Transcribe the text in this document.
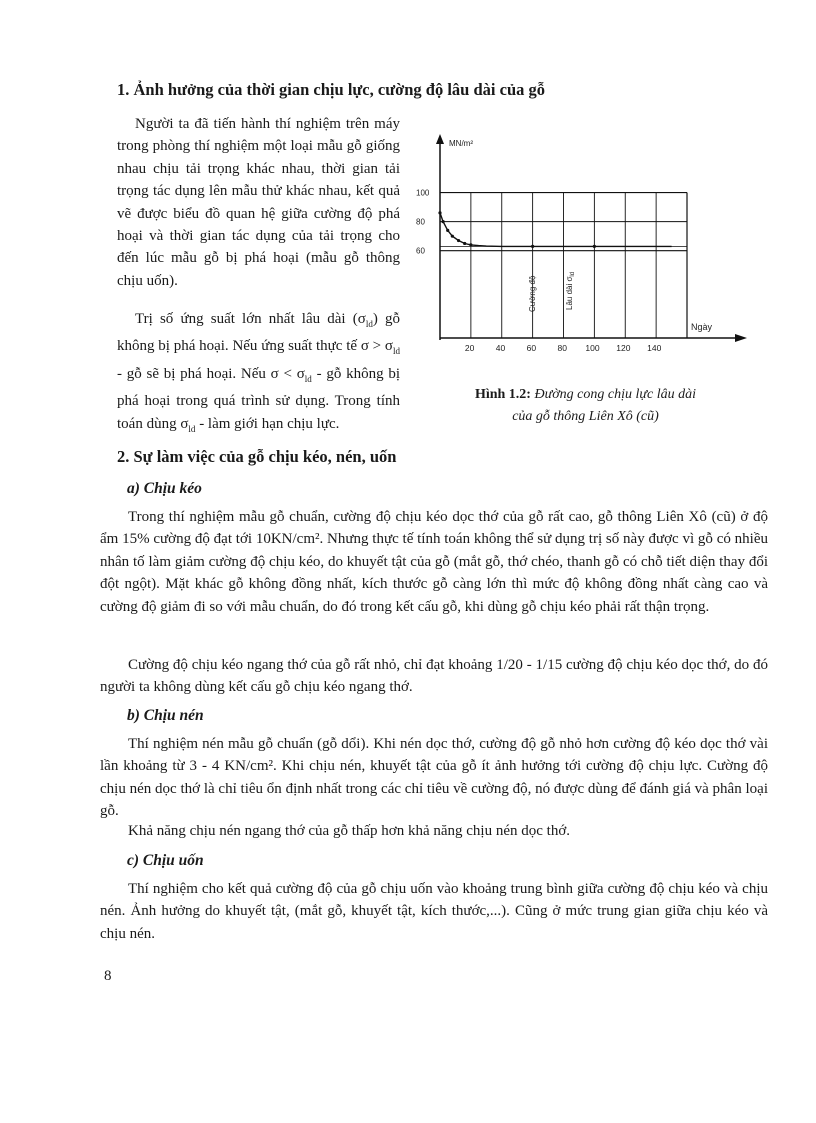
1. Ảnh hưởng của thời gian chịu lực, cường độ lâu dài của gỗ

Người ta đã tiến hành thí nghiệm trên máy trong phòng thí nghiệm một loại mẫu gỗ giống nhau chịu tải trọng khác nhau, thời gian tải trọng tác dụng lên mẫu thử khác nhau, kết quả vẽ được biểu đồ quan hệ giữa cường độ phá hoại và thời gian tác dụng của tải trọng cho đến lúc mẫu gỗ bị phá hoại (mẫu gỗ thông chịu uốn).

Trị số ứng suất lớn nhất lâu dài $(\sigma_{ld})$ gỗ không bị phá hoại. Nếu ứng suất thực tế $\sigma > \sigma_{ld}$ - gỗ sẽ bị phá hoại. Nếu $\sigma < \sigma_{ld}$ - gỗ không bị phá hoại trong quá trình sử dụng. Trong tính toán dùng $\sigma_{ld}$ - làm giới hạn chịu lực.

MN/m²
Ngày
20	40	60	80 100 120 140
100
80
60
Cường độ	Lâu dài $\sigma_{ld}$
Hình 1.2: Đường cong chịu lực lâu dài
của gỗ thông Liên Xô (cũ)
2. Sự làm việc của gỗ chịu kéo, nén, uốn

a) Chịu kéo

Trong thí nghiệm mẫu gỗ chuẩn, cường độ chịu kéo dọc thớ của gỗ rất cao, gỗ thông Liên Xô (cũ) ở độ ẩm 15% cường độ đạt tới 10KN/cm². Nhưng thực tế tính toán không thể sử dụng trị số này được vì gỗ có nhiều nhân tố làm giảm cường độ chịu kéo, do khuyết tật của gỗ (mắt gỗ, thớ chéo, thanh gỗ có chỗ tiết diện thay đổi đột ngột). Mặt khác gỗ không đồng nhất, kích thước gỗ càng lớn thì mức độ không đồng nhất càng cao và cường độ giảm đi so với mẫu chuẩn, do đó trong kết cấu gỗ, khi dùng gỗ chịu kéo phải rất thận trọng.

Cường độ chịu kéo ngang thớ của gỗ rất nhỏ, chỉ đạt khoảng 1/20 - 1/15 cường độ chịu kéo dọc thớ, do đó người ta không dùng kết cấu gỗ chịu kéo ngang thớ.

b) Chịu nén

Thí nghiệm nén mẫu gỗ chuẩn (gỗ dổi). Khi nén dọc thớ, cường độ gỗ nhỏ hơn cường độ kéo dọc thớ vài lần khoảng từ 3 - 4 KN/cm². Khi chịu nén, khuyết tật của gỗ ít ảnh hưởng tới cường độ chịu lực. Cường độ chịu nén dọc thớ là chỉ tiêu ổn định nhất trong các chỉ tiêu về cường độ, nó được dùng để đánh giá và phân loại gỗ.

Khả năng chịu nén ngang thớ của gỗ thấp hơn khả năng chịu nén dọc thớ.

c) Chịu uốn

Thí nghiệm cho kết quả cường độ của gỗ chịu uốn vào khoảng trung bình giữa cường độ chịu kéo và chịu nén. Ảnh hưởng do khuyết tật, (mắt gỗ, khuyết tật, kích thước,...). Cũng ở mức trung gian giữa chịu kéo và chịu nén.

8
